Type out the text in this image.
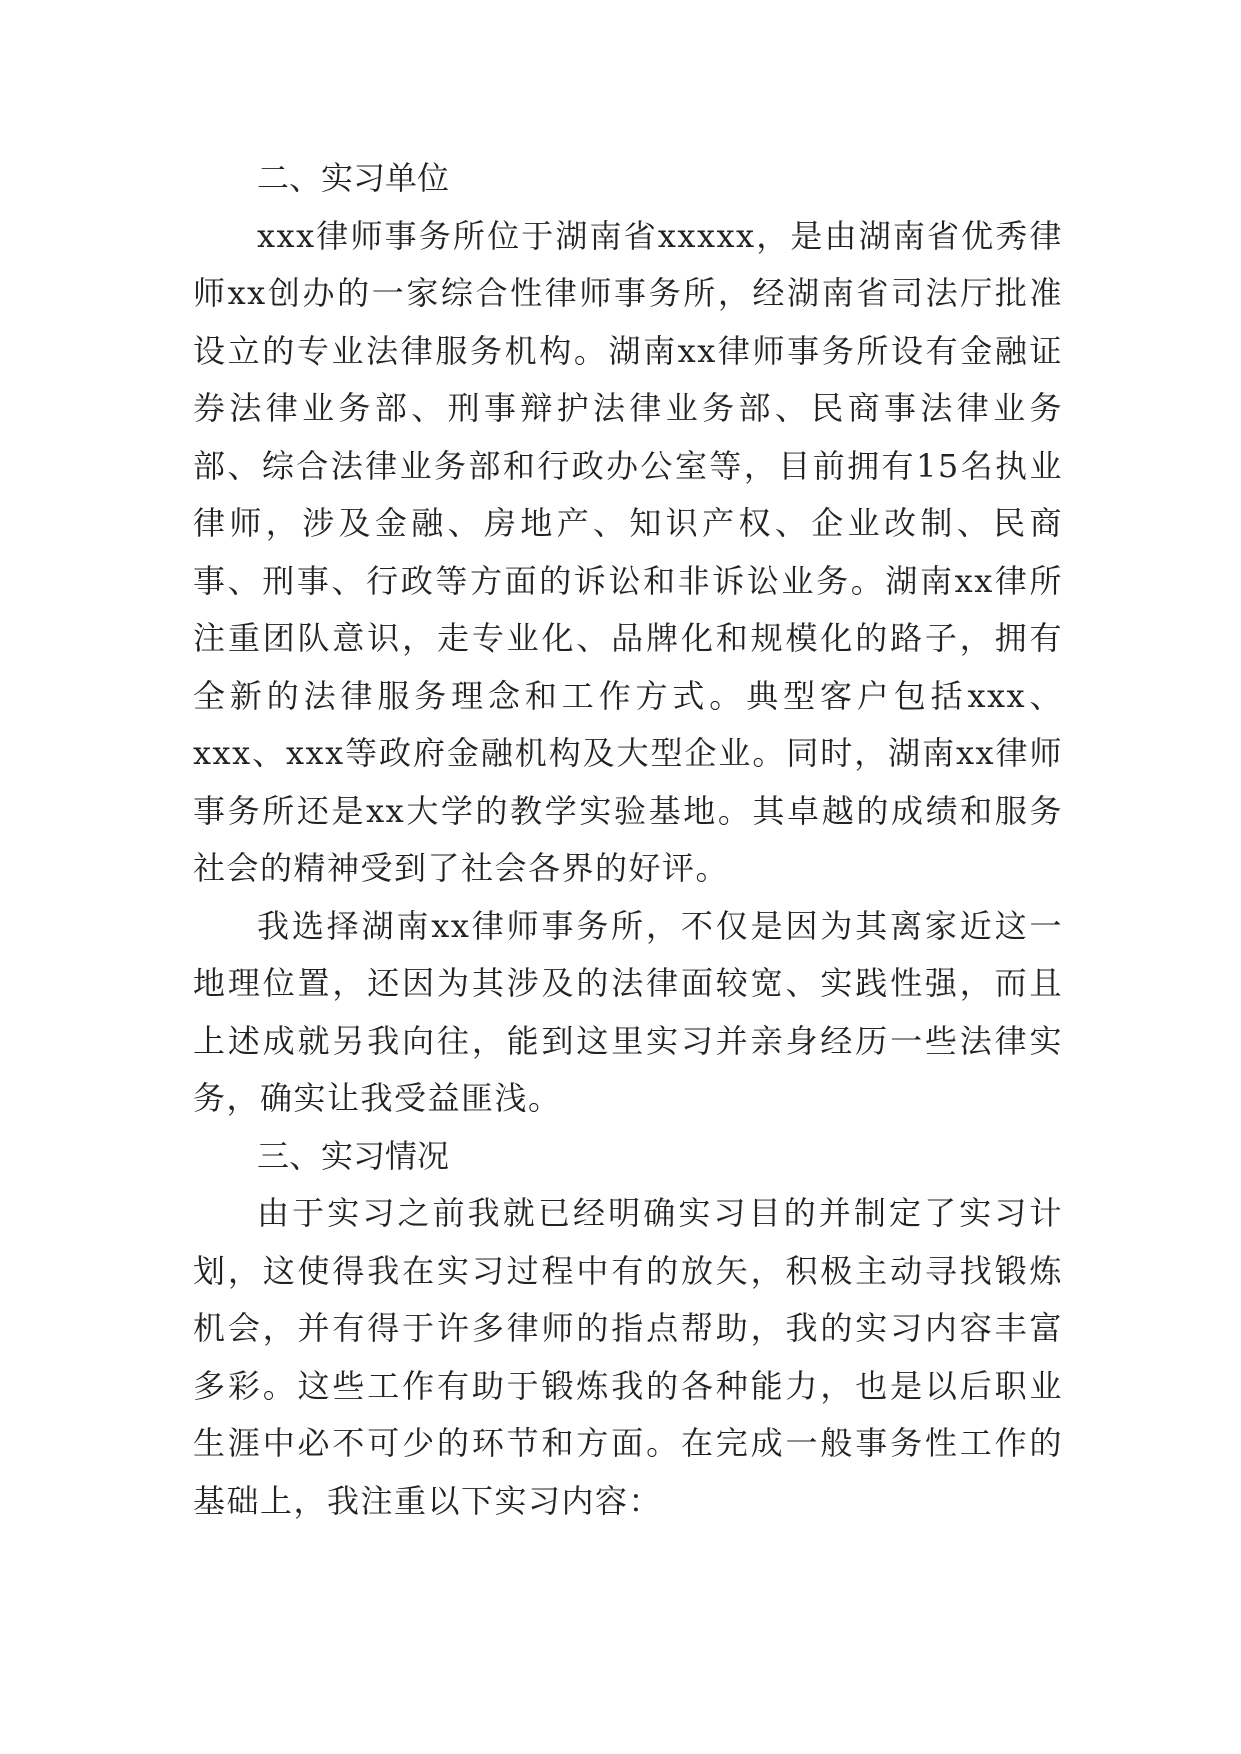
二、实习单位

xxx律师事务所位于湖南省xxxxx，是由湖南省优秀律师xx创办的一家综合性律师事务所，经湖南省司法厅批准设立的专业法律服务机构。湖南xx律师事务所设有金融证券法律业务部、刑事辩护法律业务部、民商事法律业务部、综合法律业务部和行政办公室等，目前拥有15名执业律师，涉及金融、房地产、知识产权、企业改制、民商事、刑事、行政等方面的诉讼和非诉讼业务。湖南xx律所注重团队意识，走专业化、品牌化和规模化的路子，拥有全新的法律服务理念和工作方式。典型客户包括xxx、xxx、xxx等政府金融机构及大型企业。同时，湖南xx律师事务所还是xx大学的教学实验基地。其卓越的成绩和服务社会的精神受到了社会各界的好评。

我选择湖南xx律师事务所，不仅是因为其离家近这一地理位置，还因为其涉及的法律面较宽、实践性强，而且上述成就另我向往，能到这里实习并亲身经历一些法律实务，确实让我受益匪浅。

三、实习情况

由于实习之前我就已经明确实习目的并制定了实习计划，这使得我在实习过程中有的放矢，积极主动寻找锻炼机会，并有得于许多律师的指点帮助，我的实习内容丰富多彩。这些工作有助于锻炼我的各种能力，也是以后职业生涯中必不可少的环节和方面。在完成一般事务性工作的基础上，我注重以下实习内容：
